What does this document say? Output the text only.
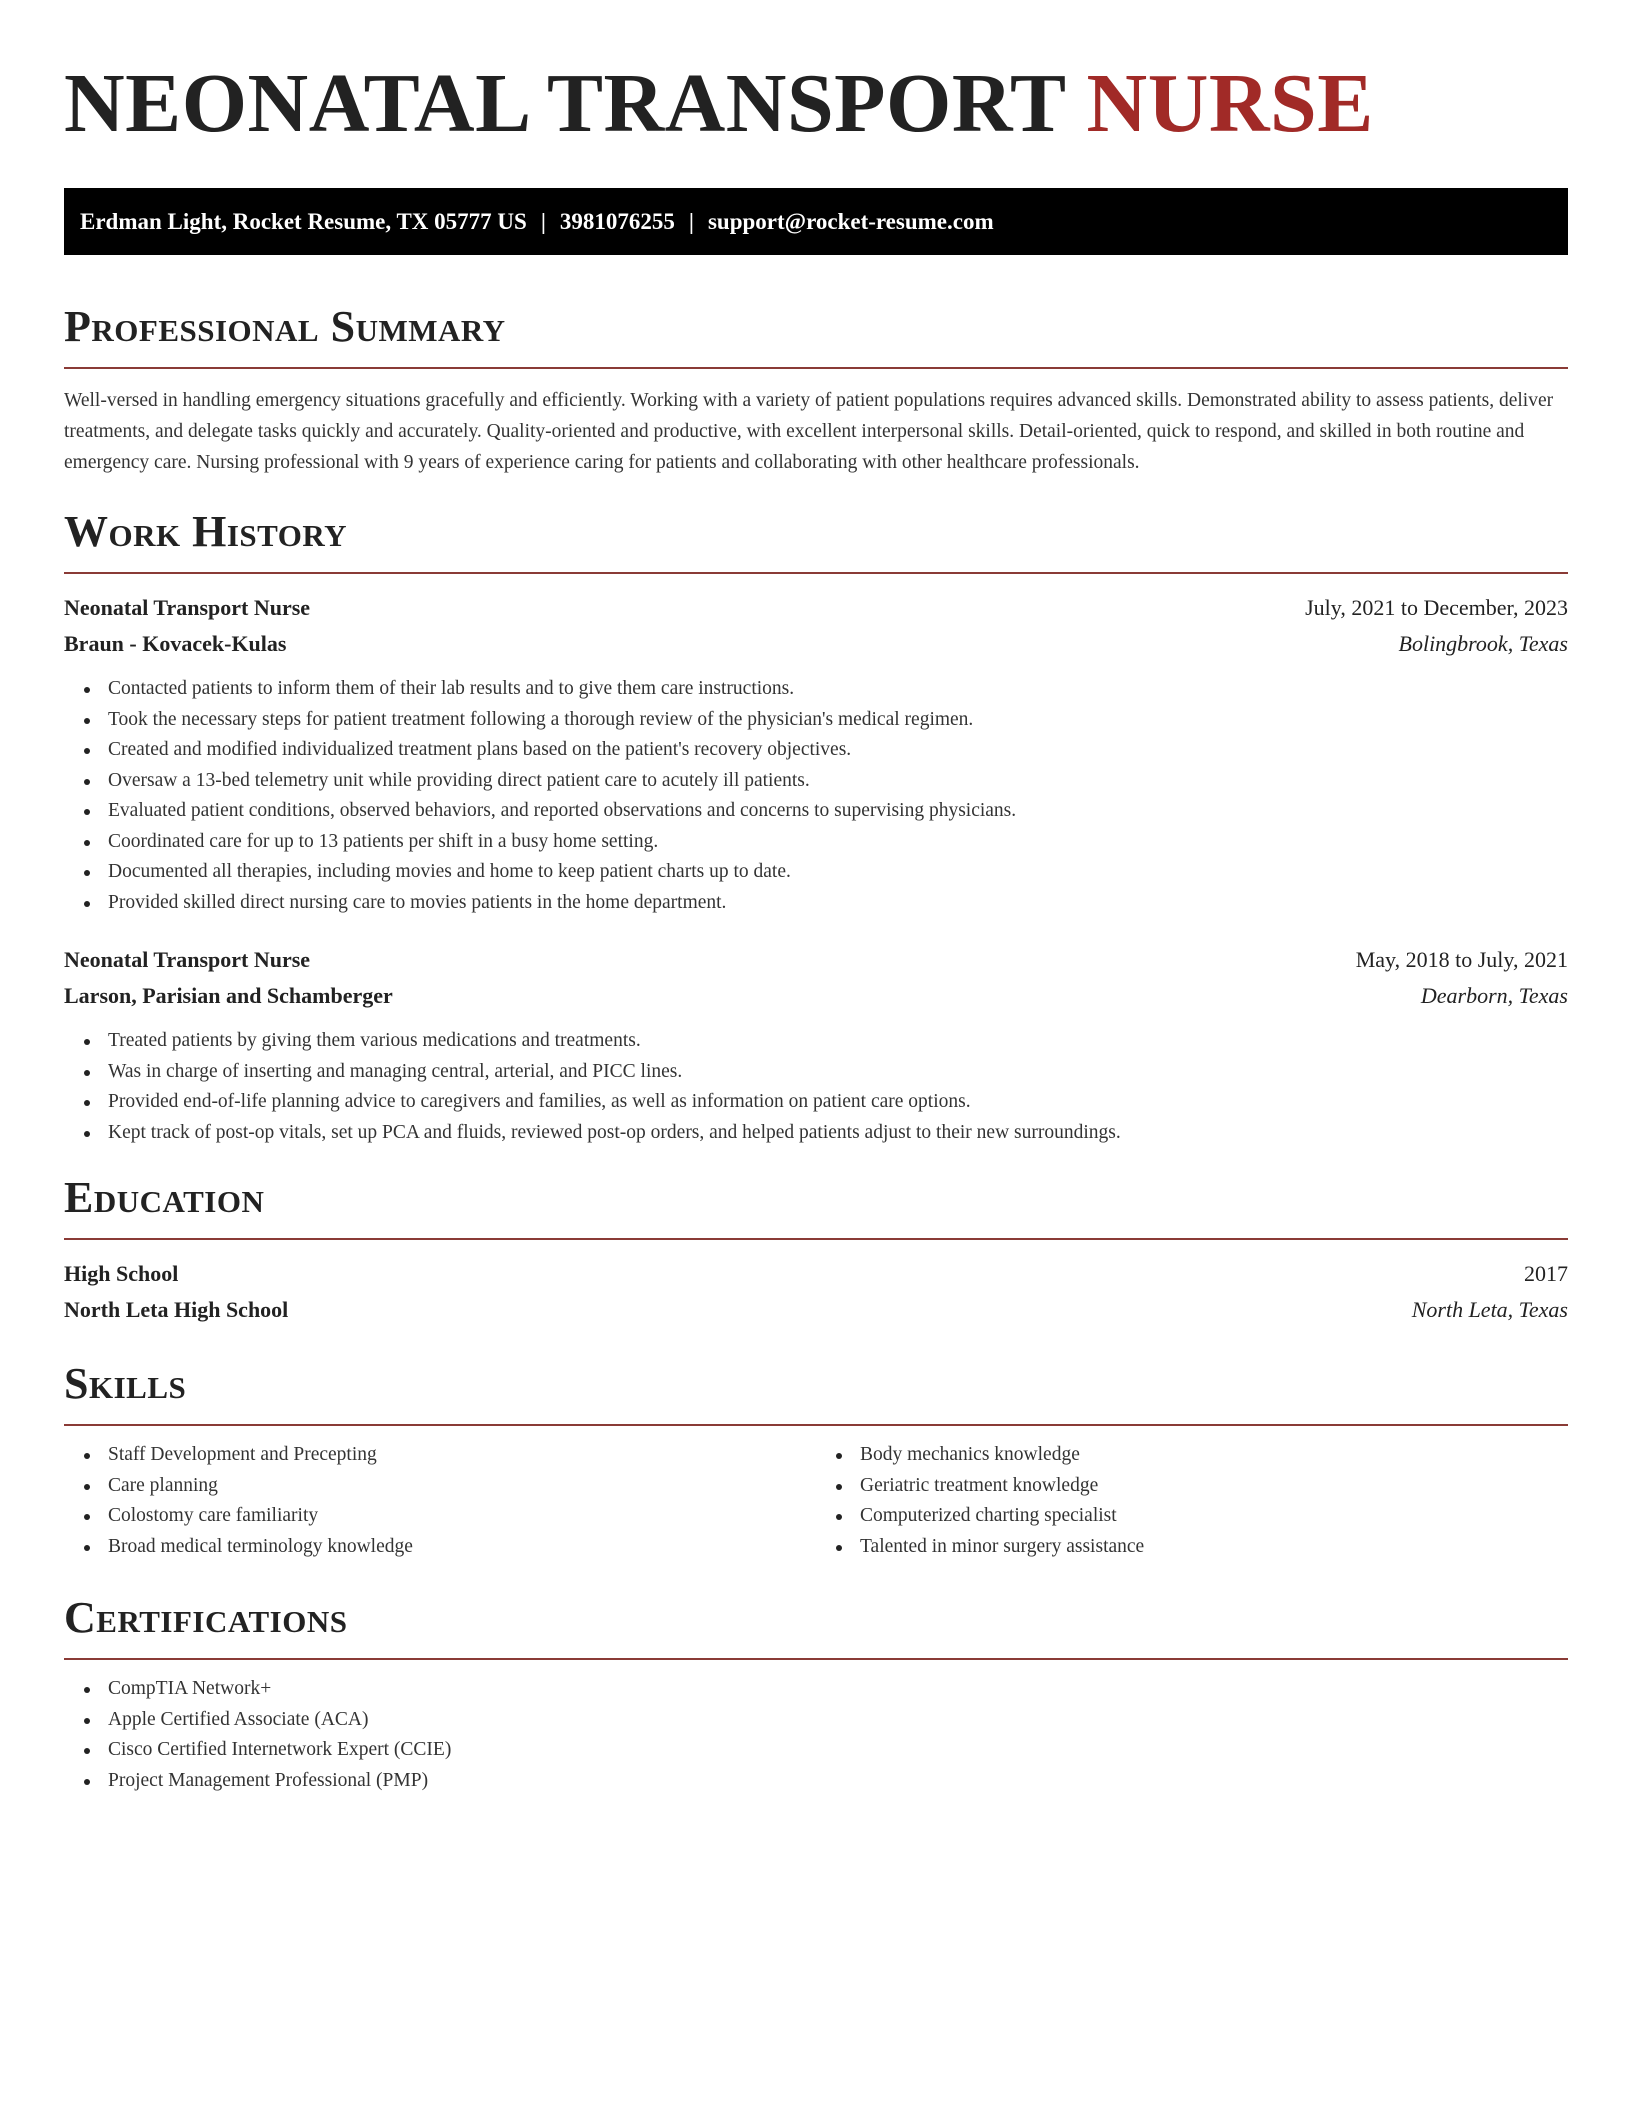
NEONATAL TRANSPORT NURSE
Erdman Light, Rocket Resume, TX 05777 US | 3981076255 | support@rocket-resume.com
Professional Summary

Well-versed in handling emergency situations gracefully and efficiently. Working with a variety of patient populations requires advanced skills. Demonstrated ability to assess patients, deliver treatments, and delegate tasks quickly and accurately. Quality-oriented and productive, with excellent interpersonal skills. Detail-oriented, quick to respond, and skilled in both routine and emergency care. Nursing professional with 9 years of experience caring for patients and collaborating with other healthcare professionals.

Work History
Neonatal Transport Nurse	July, 2021 to December, 2023
Braun - Kovacek-Kulas	Bolingbrook, Texas
Contacted patients to inform them of their lab results and to give them care instructions.
Took the necessary steps for patient treatment following a thorough review of the physician's medical regimen.
Created and modified individualized treatment plans based on the patient's recovery objectives.
Oversaw a 13-bed telemetry unit while providing direct patient care to acutely ill patients.
Evaluated patient conditions, observed behaviors, and reported observations and concerns to supervising physicians.
Coordinated care for up to 13 patients per shift in a busy home setting.
Documented all therapies, including movies and home to keep patient charts up to date.
Provided skilled direct nursing care to movies patients in the home department.
Neonatal Transport Nurse	May, 2018 to July, 2021
Larson, Parisian and Schamberger	Dearborn, Texas
Treated patients by giving them various medications and treatments.
Was in charge of inserting and managing central, arterial, and PICC lines.
Provided end-of-life planning advice to caregivers and families, as well as information on patient care options.
Kept track of post-op vitals, set up PCA and fluids, reviewed post-op orders, and helped patients adjust to their new surroundings.
Education
High School	2017
North Leta High School	North Leta, Texas
Skills
Staff Development and Precepting
Care planning
Colostomy care familiarity
Broad medical terminology knowledge
Body mechanics knowledge
Geriatric treatment knowledge
Computerized charting specialist
Talented in minor surgery assistance
Certifications
CompTIA Network+
Apple Certified Associate (ACA)
Cisco Certified Internetwork Expert (CCIE)
Project Management Professional (PMP)
